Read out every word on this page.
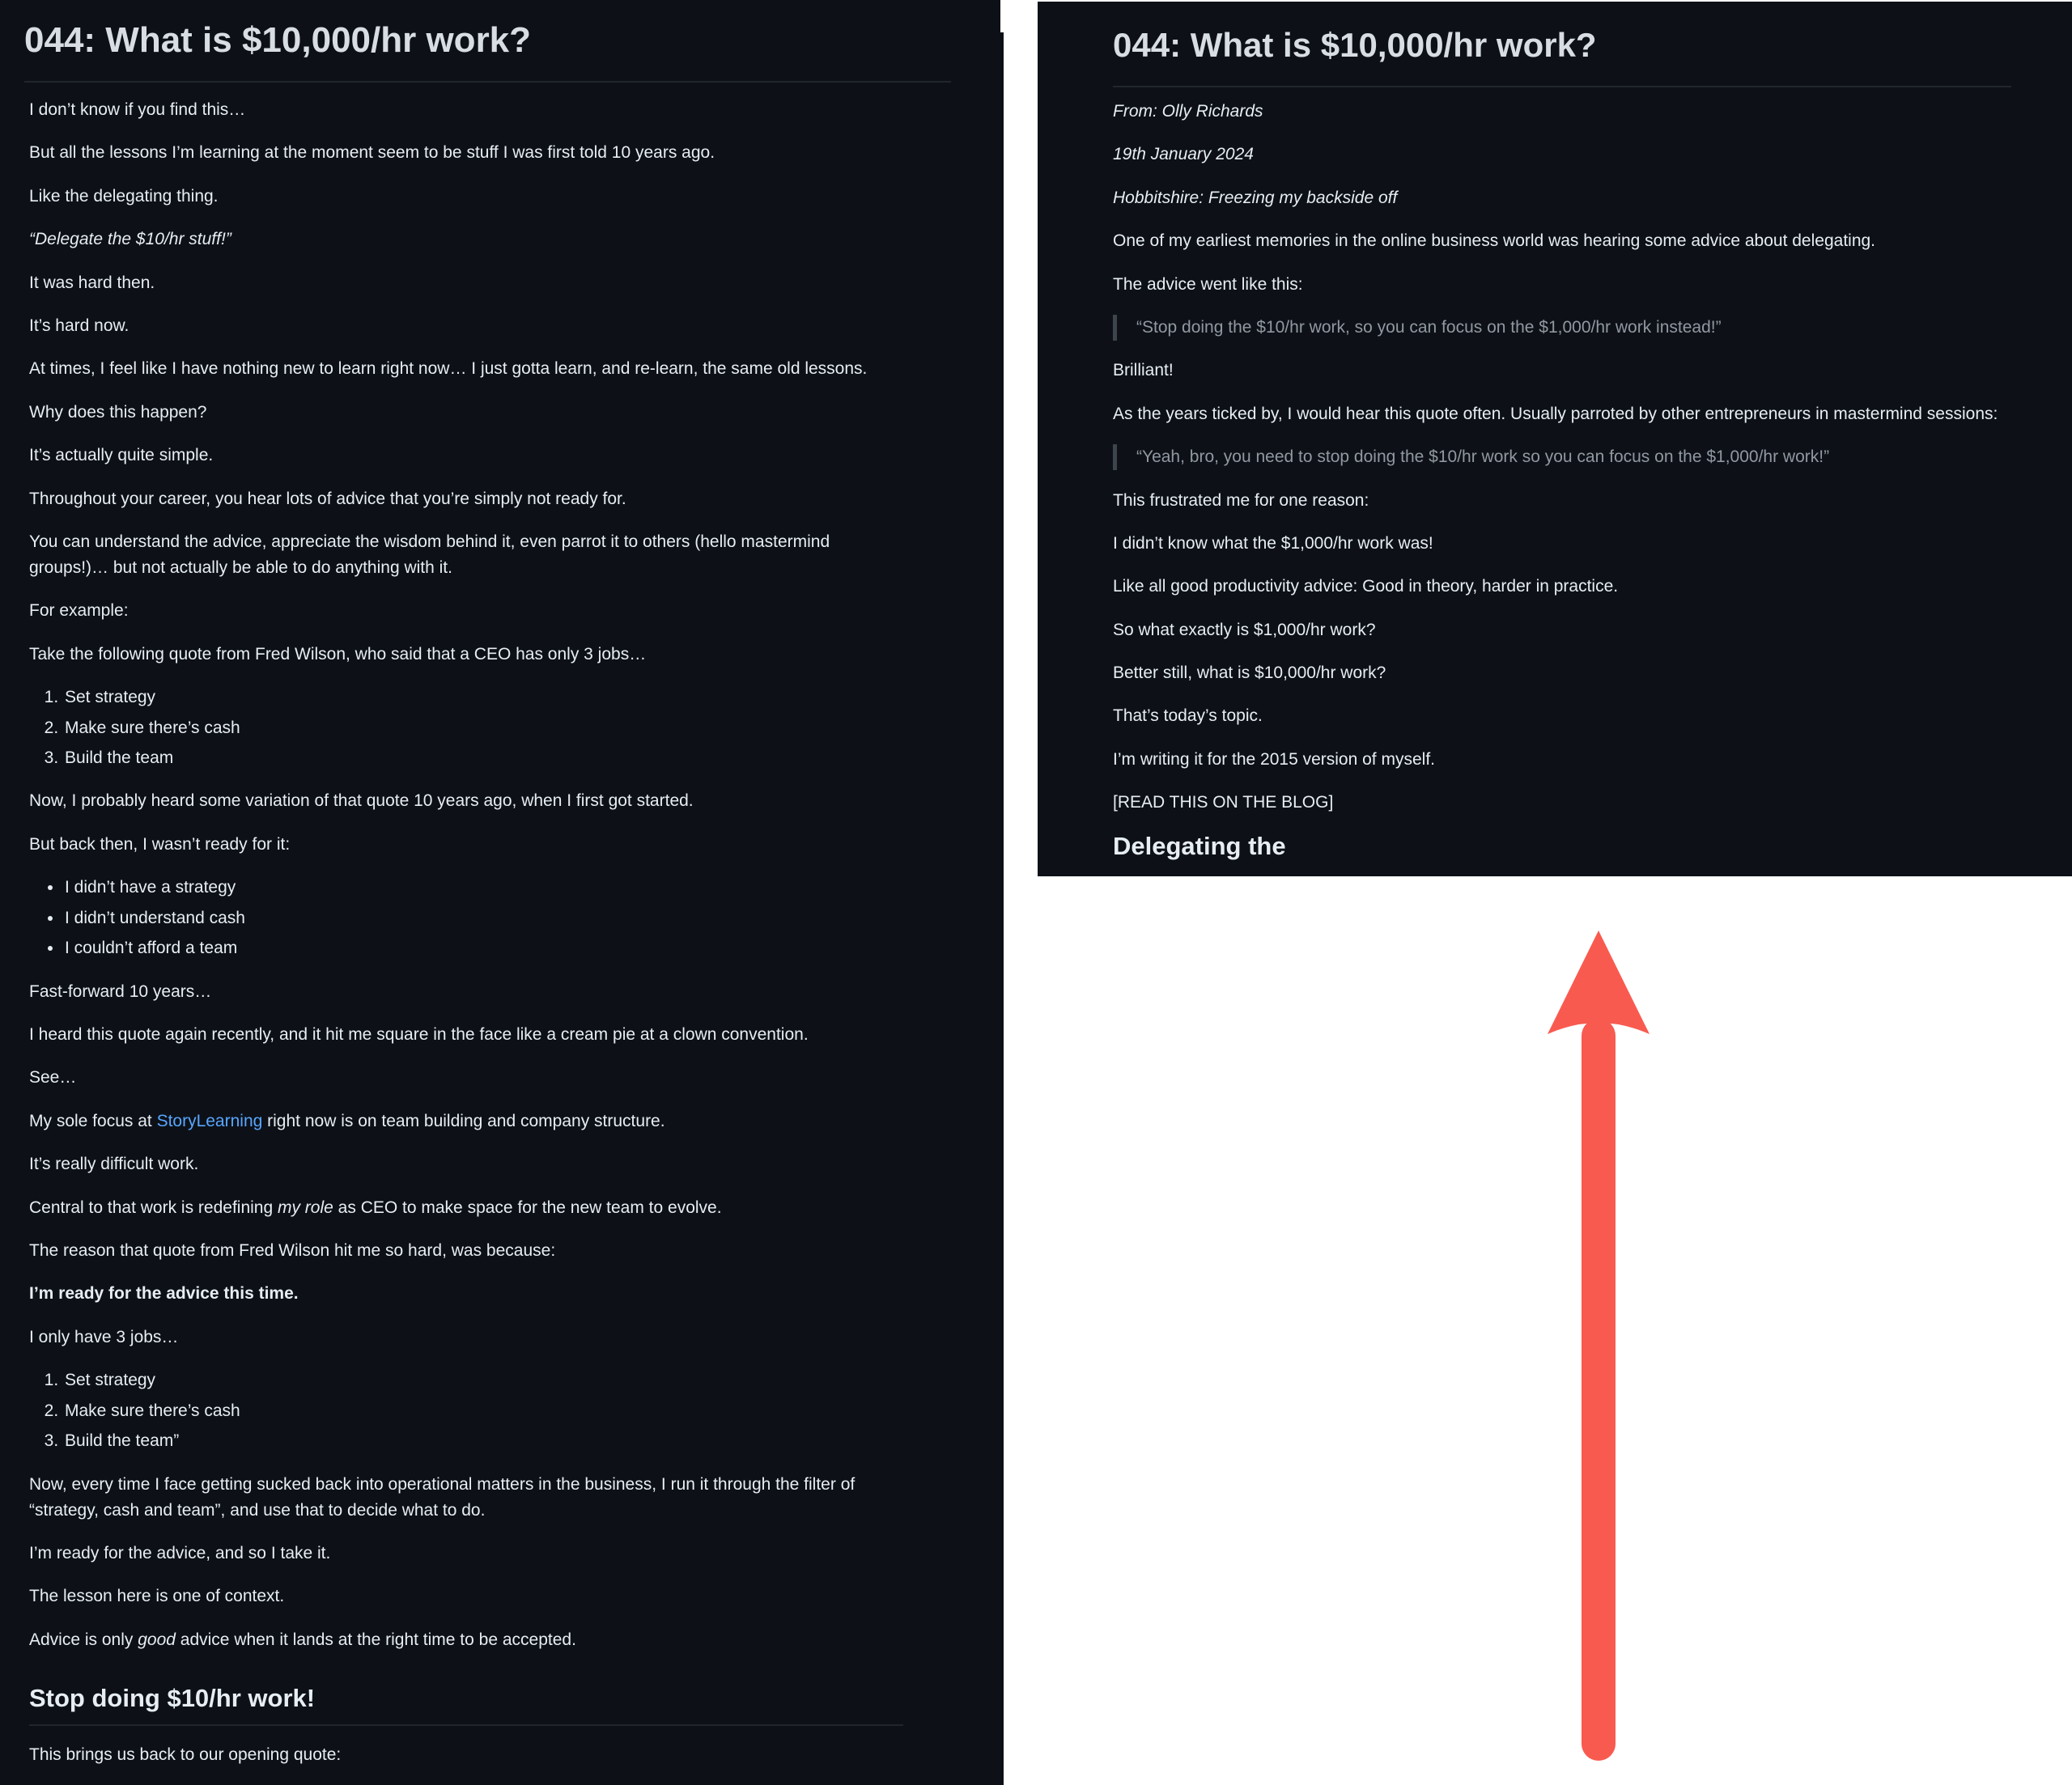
044: What is $10,000/hr work?

I don’t know if you find this…

But all the lessons I’m learning at the moment seem to be stuff I was first told 10 years ago.

Like the delegating thing.

“Delegate the $10/hr stuff!”

It was hard then.

It’s hard now.

At times, I feel like I have nothing new to learn right now… I just gotta learn, and re-learn, the same old lessons.

Why does this happen?

It’s actually quite simple.

Throughout your career, you hear lots of advice that you’re simply not ready for.

You can understand the advice, appreciate the wisdom behind it, even parrot it to others (hello mastermind groups!)… but not actually be able to do anything with it.

For example:

Take the following quote from Fred Wilson, who said that a CEO has only 3 jobs…

1. Set strategy
2. Make sure there’s cash
3. Build the team

Now, I probably heard some variation of that quote 10 years ago, when I first got started.

But back then, I wasn’t ready for it:

• I didn’t have a strategy
• I didn’t understand cash
• I couldn’t afford a team

Fast-forward 10 years…

I heard this quote again recently, and it hit me square in the face like a cream pie at a clown convention.

See…

My sole focus at StoryLearning right now is on team building and company structure.

It’s really difficult work.

Central to that work is redefining my role as CEO to make space for the new team to evolve.

The reason that quote from Fred Wilson hit me so hard, was because:

I’m ready for the advice this time.

I only have 3 jobs…

1. Set strategy
2. Make sure there’s cash
3. Build the team”

Now, every time I face getting sucked back into operational matters in the business, I run it through the filter of “strategy, cash and team”, and use that to decide what to do.

I’m ready for the advice, and so I take it.

The lesson here is one of context.

Advice is only good advice when it lands at the right time to be accepted.

Stop doing $10/hr work!

This brings us back to our opening quote:

044: What is $10,000/hr work?

From: Olly Richards

19th January 2024

Hobbitshire: Freezing my backside off

One of my earliest memories in the online business world was hearing some advice about delegating.

The advice went like this:

“Stop doing the $10/hr work, so you can focus on the $1,000/hr work instead!”

Brilliant!

As the years ticked by, I would hear this quote often. Usually parroted by other entrepreneurs in mastermind sessions:

“Yeah, bro, you need to stop doing the $10/hr work so you can focus on the $1,000/hr work!”

This frustrated me for one reason:

I didn’t know what the $1,000/hr work was!

Like all good productivity advice: Good in theory, harder in practice.

So what exactly is $1,000/hr work?

Better still, what is $10,000/hr work?

That’s today’s topic.

I’m writing it for the 2015 version of myself.

[READ THIS ON THE BLOG]

Delegating the
